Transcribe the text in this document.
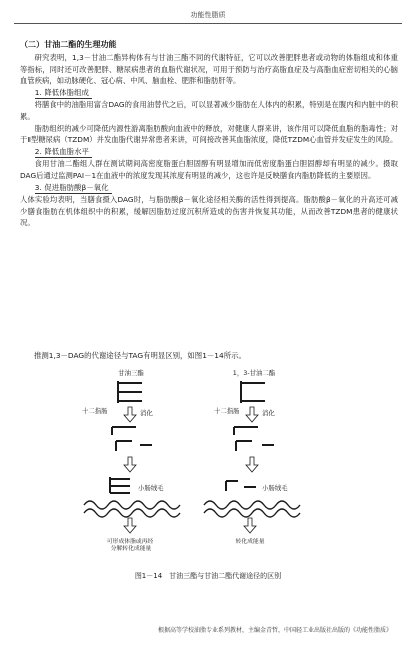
功能性脂质
（二）甘油二酯的生理功能

研究表明，1,3－甘油二酯异构体有与甘油三酯不同的代谢特征，它可以改善肥胖患者或动物的体脂组成和体重等指标，同时还可改善肥胖、糖尿病患者的血脂代谢状况，可用于预防与治疗高脂血症及与高脂血症密切相关的心脑血管疾病，如动脉硬化、冠心病、中风、脑血栓、肥胖和脂肪肝等。

1. 降低体脂组成

将膳食中的油脂用富含DAG的食用油替代之后，可以显著减少脂肪在人体内的积累，特别是在腹内和内脏中的积累。

脂肪组织的减少可降低内源性游离脂肪酸向血液中的释放，对健康人群来讲，该作用可以降低血脂的脂毒性；对于Ⅱ型糖尿病（TZDM）并发血脂代谢异常患者来讲，可间接改善其血脂浓度，降低TZDM心血管并发症发生的风险。

2. 降低血脂水平

食用甘油二酯组人群在测试期间高密度脂蛋白胆固醇有明显增加而低密度脂蛋白胆固醇却有明显的减少。摄取DAG后通过监测PAI－1在血液中的浓度发现其浓度有明显的减少，这也许是反映膳食内脂肪降低的主要原因。

3. 促进脂肪酸β－氧化

人体实验均表明，当膳食摄入DAG时，与脂肪酸β－氧化途径相关酶的活性得到提高。脂肪酸β－氧化的升高还可减少膳食脂肪在机体组织中的积累，缓解因脂肪过度沉积所造成的伤害并恢复其功能，从而改善TZDM患者的健康状况。

推测1,3－DAG的代谢途径与TAG有明显区别，如图1－14所示。
甘油三酯
十二指肠	消化
小肠绒毛
可形成体脂或再经 分解转化成能量
1，3-甘油二酯
十二指肠	消化
小肠绒毛
转化成能量
图1－14　甘油三酯与甘油二酯代谢途径的区别
根据高等学校油脂专业系列教材，主编金青哲，中国轻工业出版社出版的《功能性脂质》
